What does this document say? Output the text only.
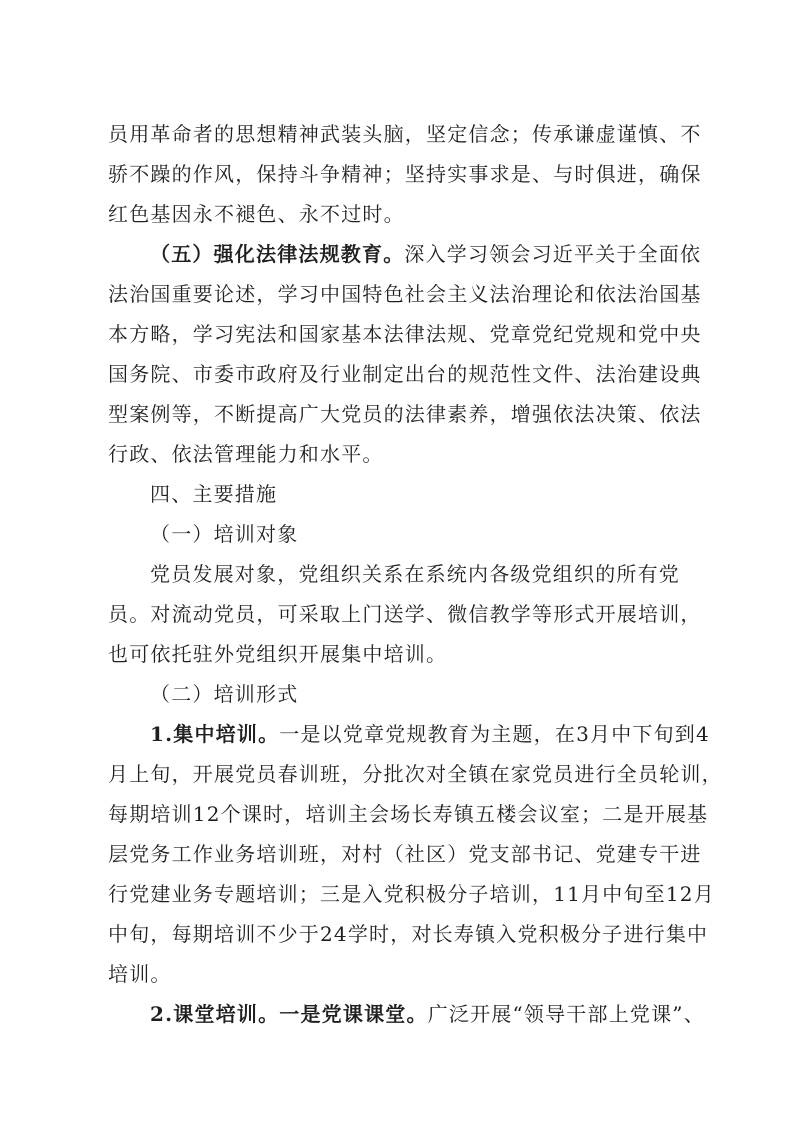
员用革命者的思想精神武装头脑，坚定信念；传承谦虚谨慎、不
骄不躁的作风，保持斗争精神；坚持实事求是、与时俱进，确保
红色基因永不褪色、永不过时。
（五）强化法律法规教育。深入学习领会习近平关于全面依
法治国重要论述，学习中国特色社会主义法治理论和依法治国基
本方略，学习宪法和国家基本法律法规、党章党纪党规和党中央
国务院、市委市政府及行业制定出台的规范性文件、法治建设典
型案例等，不断提高广大党员的法律素养，增强依法决策、依法
行政、依法管理能力和水平。
四、主要措施
（一）培训对象
党员发展对象，党组织关系在系统内各级党组织的所有党
员。对流动党员，可采取上门送学、微信教学等形式开展培训，
也可依托驻外党组织开展集中培训。
（二）培训形式
1.集中培训。一是以党章党规教育为主题，在3月中下旬到4
月上旬，开展党员春训班，分批次对全镇在家党员进行全员轮训，
每期培训12个课时，培训主会场长寿镇五楼会议室；二是开展基
层党务工作业务培训班，对村（社区）党支部书记、党建专干进
行党建业务专题培训；三是入党积极分子培训，11月中旬至12月
中旬，每期培训不少于24学时，对长寿镇入党积极分子进行集中
培训。
2.课堂培训。一是党课课堂。广泛开展“领导干部上党课”、
